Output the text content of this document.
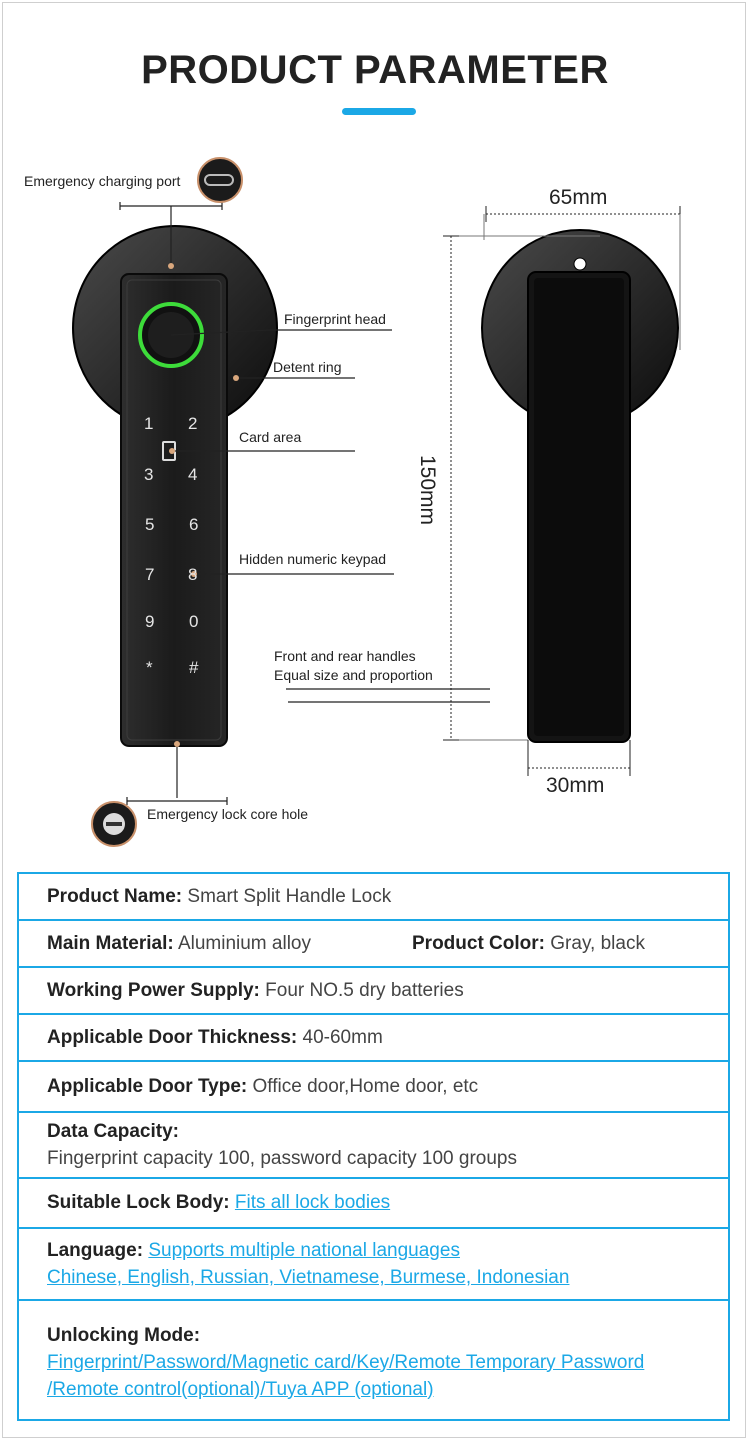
PRODUCT PARAMETER
Emergency charging port
Fingerprint head
Detent ring
Card area
Hidden numeric keypad
Front and rear handles
Equal size and proportion
Emergency lock core hole
1 2
3 4
5 6
7 8
9 0
* #
65mm
150mm
30mm
Product Name: Smart Split Handle Lock
Main Material: Aluminium alloy	Product Color: Gray, black
Working Power Supply: Four NO.5 dry batteries
Applicable Door Thickness: 40-60mm
Applicable Door Type: Office door,Home door, etc
Data Capacity:
Fingerprint capacity 100, password capacity 100 groups
Suitable Lock Body: Fits all lock bodies
Language: Supports multiple national languages
Chinese, English, Russian, Vietnamese, Burmese, Indonesian
Unlocking Mode:
Fingerprint/Password/Magnetic card/Key/Remote Temporary Password
/Remote control(optional)/Tuya APP (optional)
